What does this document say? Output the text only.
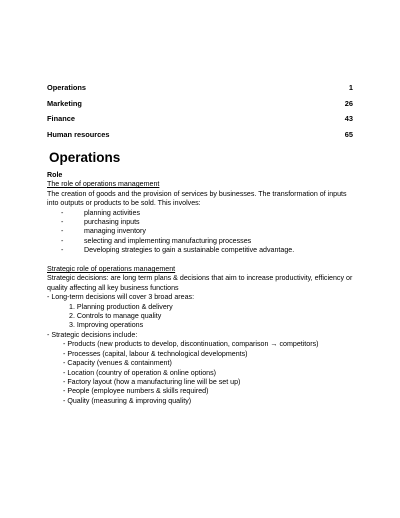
Operations	1
Marketing	26
Finance	43
Human resources	65
Operations

Role

The role of operations management

The creation of goods and the provision of services by businesses. The transformation of inputs into outputs or products to be sold. This involves:

- planning activities
- purchasing inputs
- managing inventory
- selecting and implementing manufacturing processes
- Developing strategies to gain a sustainable competitive advantage.

Strategic role of operations management

Strategic decisions: are long term plans & decisions that aim to increase productivity, efficiency or quality affecting all key business functions

- Long-term decisions will cover 3 broad areas:

1. Planning production & delivery
2. Controls to manage quality
3. Improving operations

- Strategic decisions include:

- Products (new products to develop, discontinuation, comparison → competitors)
- Processes (capital, labour & technological developments)
- Capacity (venues & containment)
- Location (country of operation & online options)
- Factory layout (how a manufacturing line will be set up)
- People (employee numbers & skills required)
- Quality (measuring & improving quality)
